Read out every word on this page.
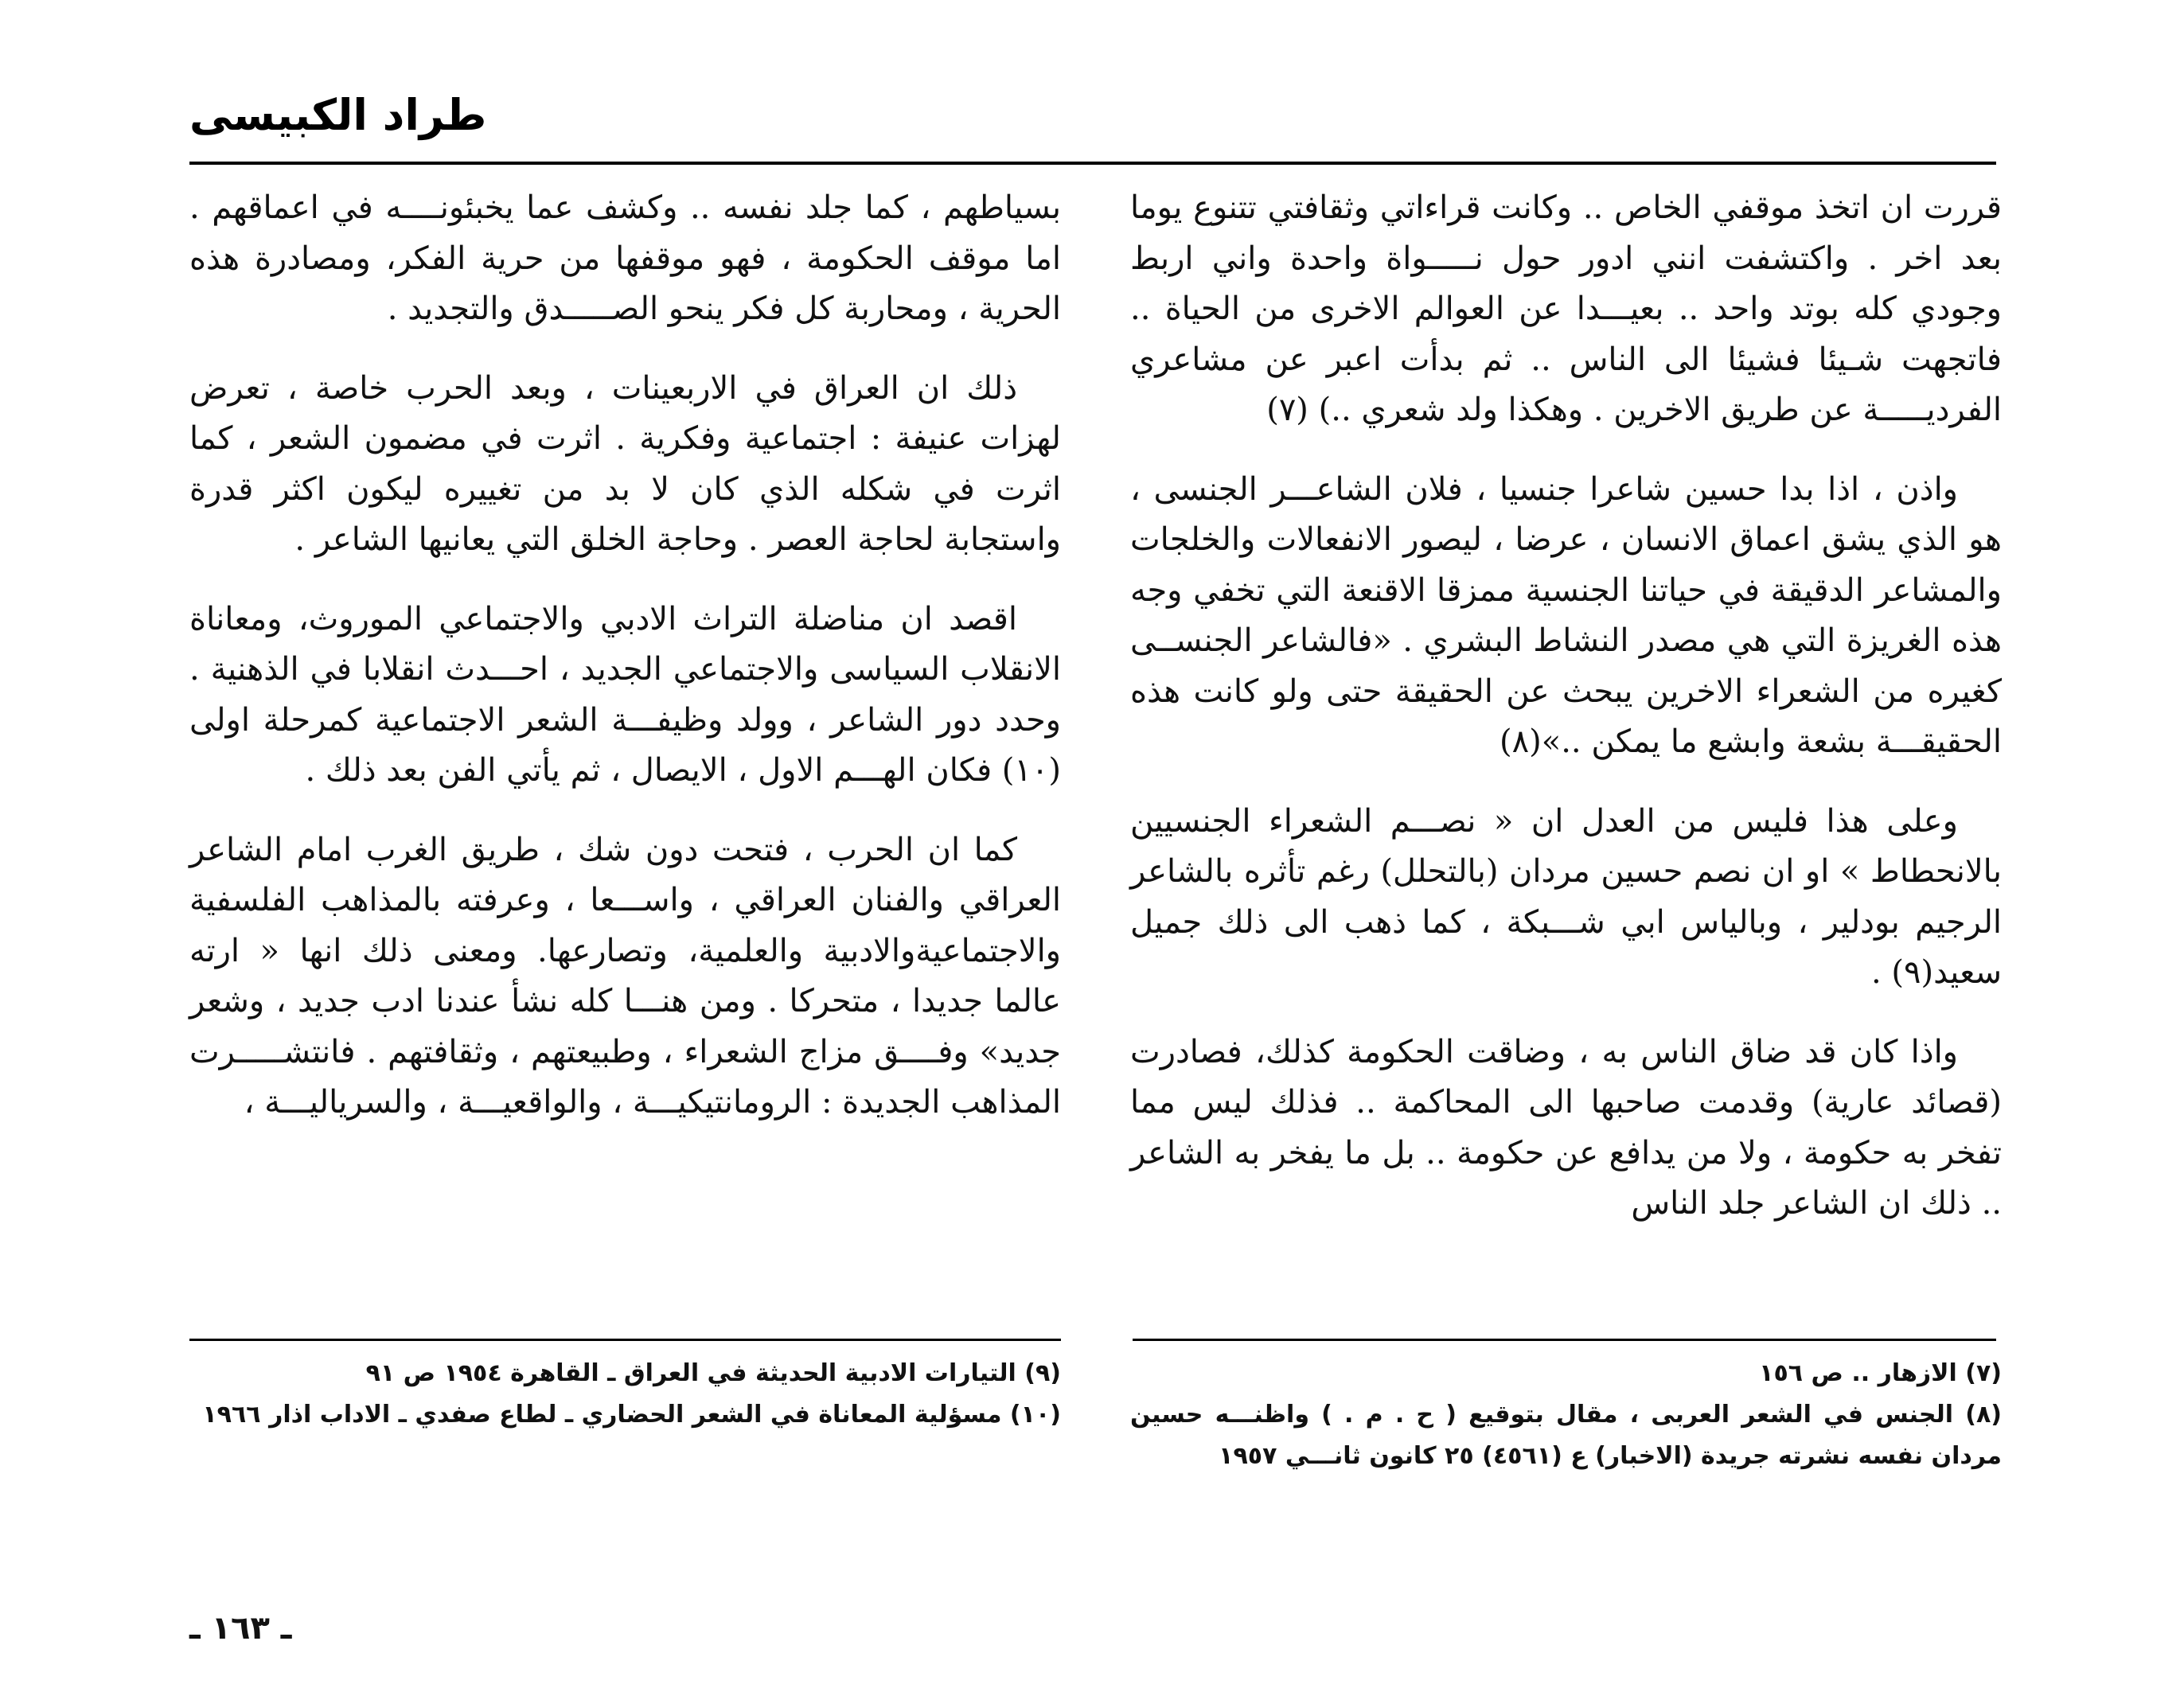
طراد الكبيسى

قررت ان اتخذ موقفي الخاص .. وكانت قراءاتي وثقافتي تتنوع يوما بعد اخر . واكتشفت انني ادور حول نـــــواة واحدة واني اربط وجودي كله بوتد واحد .. بعيـــدا عن العوالم الاخرى من الحياة .. فاتجهت شـيئا فشيئا الى الناس .. ثم بدأت اعبر عن مشاعري الفرديـــــة عن طريق الاخرين . وهكذا ولد شعري ..) (٧)

واذن ، اذا بدا حسين شاعرا جنسيا ، فلان الشاعـــر الجنسى ، هو الذي يشق اعماق الانسان ، عرضا ، ليصور الانفعالات والخلجات والمشاعر الدقيقة في حياتنا الجنسية ممزقا الاقنعة التي تخفي وجه هذه الغريزة التي هي مصدر النشاط البشري . «فالشاعر الجنســى كغيره من الشعراء الاخرين يبحث عن الحقيقة حتى ولو كانت هذه الحقيقـــة بشعة وابشع ما يمكن ..»(٨)

وعلى هذا فليس من العدل ان « نصـــم الشعراء الجنسيين بالانحطاط » او ان نصم حسين مردان (بالتحلل) رغم تأثره بالشاعر الرجيم بودلير ، وبالياس ابي شـــبكة ، كما ذهب الى ذلك جميل سعيد(٩) .

واذا كان قد ضاق الناس به ، وضاقت الحكومة كذلك، فصادرت (قصائد عارية) وقدمت صاحبها الى المحاكمة .. فذلك ليس مما تفخر به حكومة ، ولا من يدافع عن حكومة .. بل ما يفخر به الشاعر .. ذلك ان الشاعر جلد الناس

بسياطهم ، كما جلد نفسه .. وكشف عما يخبئونــــه في اعماقهم . اما موقف الحكومة ، فهو موقفها من حرية الفكر، ومصادرة هذه الحرية ، ومحاربة كل فكر ينحو الصـــــدق والتجديد .

ذلك ان العراق في الاربعينات ، وبعد الحرب خاصة ، تعرض لهزات عنيفة : اجتماعية وفكرية . اثرت في مضمون الشعر ، كما اثرت في شكله الذي كان لا بد من تغييره ليكون اكثر قدرة واستجابة لحاجة العصر . وحاجة الخلق التي يعانيها الشاعر .

اقصد ان مناضلة التراث الادبي والاجتماعي الموروث، ومعاناة الانقلاب السياسى والاجتماعي الجديد ، احـــدث انقلابا في الذهنية . وحدد دور الشاعر ، وولد وظيفـــة الشعر الاجتماعية كمرحلة اولى (١٠) فكان الهـــم الاول ، الايصال ، ثم يأتي الفن بعد ذلك .

كما ان الحرب ، فتحت دون شك ، طريق الغرب امام الشاعر العراقي والفنان العراقي ، واســـعا ، وعرفته بالمذاهب الفلسفية والاجتماعيةوالادبية والعلمية، وتصارعها. ومعنى ذلك انها « ارته عالما جديدا ، متحركا . ومن هنـــا كله نشأ عندنا ادب جديد ، وشعر جديد» وفــــق مزاج الشعراء ، وطبيعتهم ، وثقافتهم . فانتشـــــرت المذاهب الجديدة : الرومانتيكيـــة ، والواقعيـــة ، والسرياليـــة ،

(٧) الازهار .. ص ١٥٦

(٨) الجنس في الشعر العربى ، مقال بتوقيع ( ح . م . ) واظنـــه حسين مردان نفسه نشرته جريدة (الاخبار) ع (٤٥٦١) ٢٥ كانون ثانـــي ١٩٥٧

(٩) التيارات الادبية الحديثة في العراق ـ القاهرة ١٩٥٤ ص ٩١

(١٠) مسؤلية المعاناة في الشعر الحضاري ـ لطاع صفدي ـ الاداب اذار ١٩٦٦

ـ ١٦٣ ـ
